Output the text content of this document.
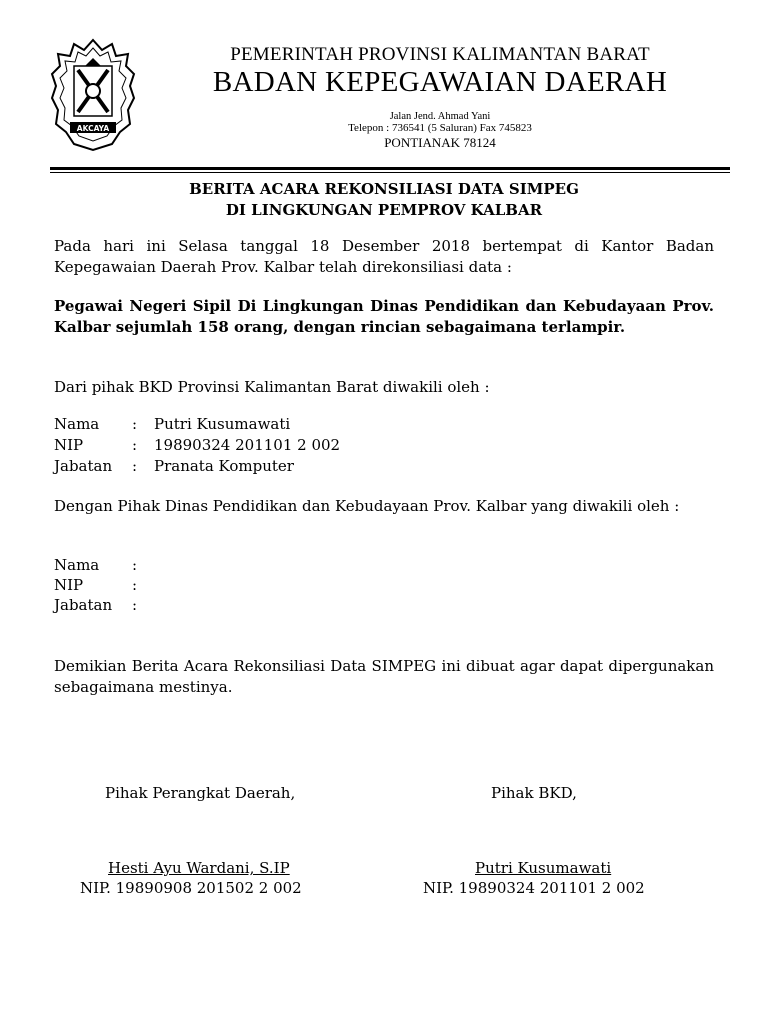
AKCAYA
PEMERINTAH PROVINSI KALIMANTAN BARAT
BADAN KEPEGAWAIAN DAERAH
Jalan Jend. Ahmad Yani
Telepon : 736541 (5 Saluran) Fax 745823
PONTIANAK 78124
BERITA ACARA REKONSILIASI DATA SIMPEG
DI LINGKUNGAN PEMPROV KALBAR
Pada hari ini Selasa tanggal 18 Desember 2018 bertempat di Kantor Badan Kepegawaian Daerah Prov. Kalbar telah direkonsiliasi data :
Pegawai Negeri Sipil Di Lingkungan Dinas Pendidikan dan Kebudayaan Prov. Kalbar sejumlah 158 orang, dengan rincian sebagaimana terlampir.
Dari pihak BKD Provinsi Kalimantan Barat diwakili oleh :
Nama : Putri Kusumawati
NIP	: 19890324 201101 2 002
Jabatan : Pranata Komputer
Dengan Pihak Dinas Pendidikan dan Kebudayaan Prov. Kalbar yang diwakili oleh :
Nama :
NIP	:
Jabatan :
Demikian Berita Acara Rekonsiliasi Data SIMPEG ini dibuat agar dapat dipergunakan sebagaimana mestinya.
Pihak Perangkat Daerah,	Pihak BKD,
Hesti Ayu Wardani, S.IP
NIP. 19890908 201502 2 002
Putri Kusumawati
NIP. 19890324 201101 2 002
